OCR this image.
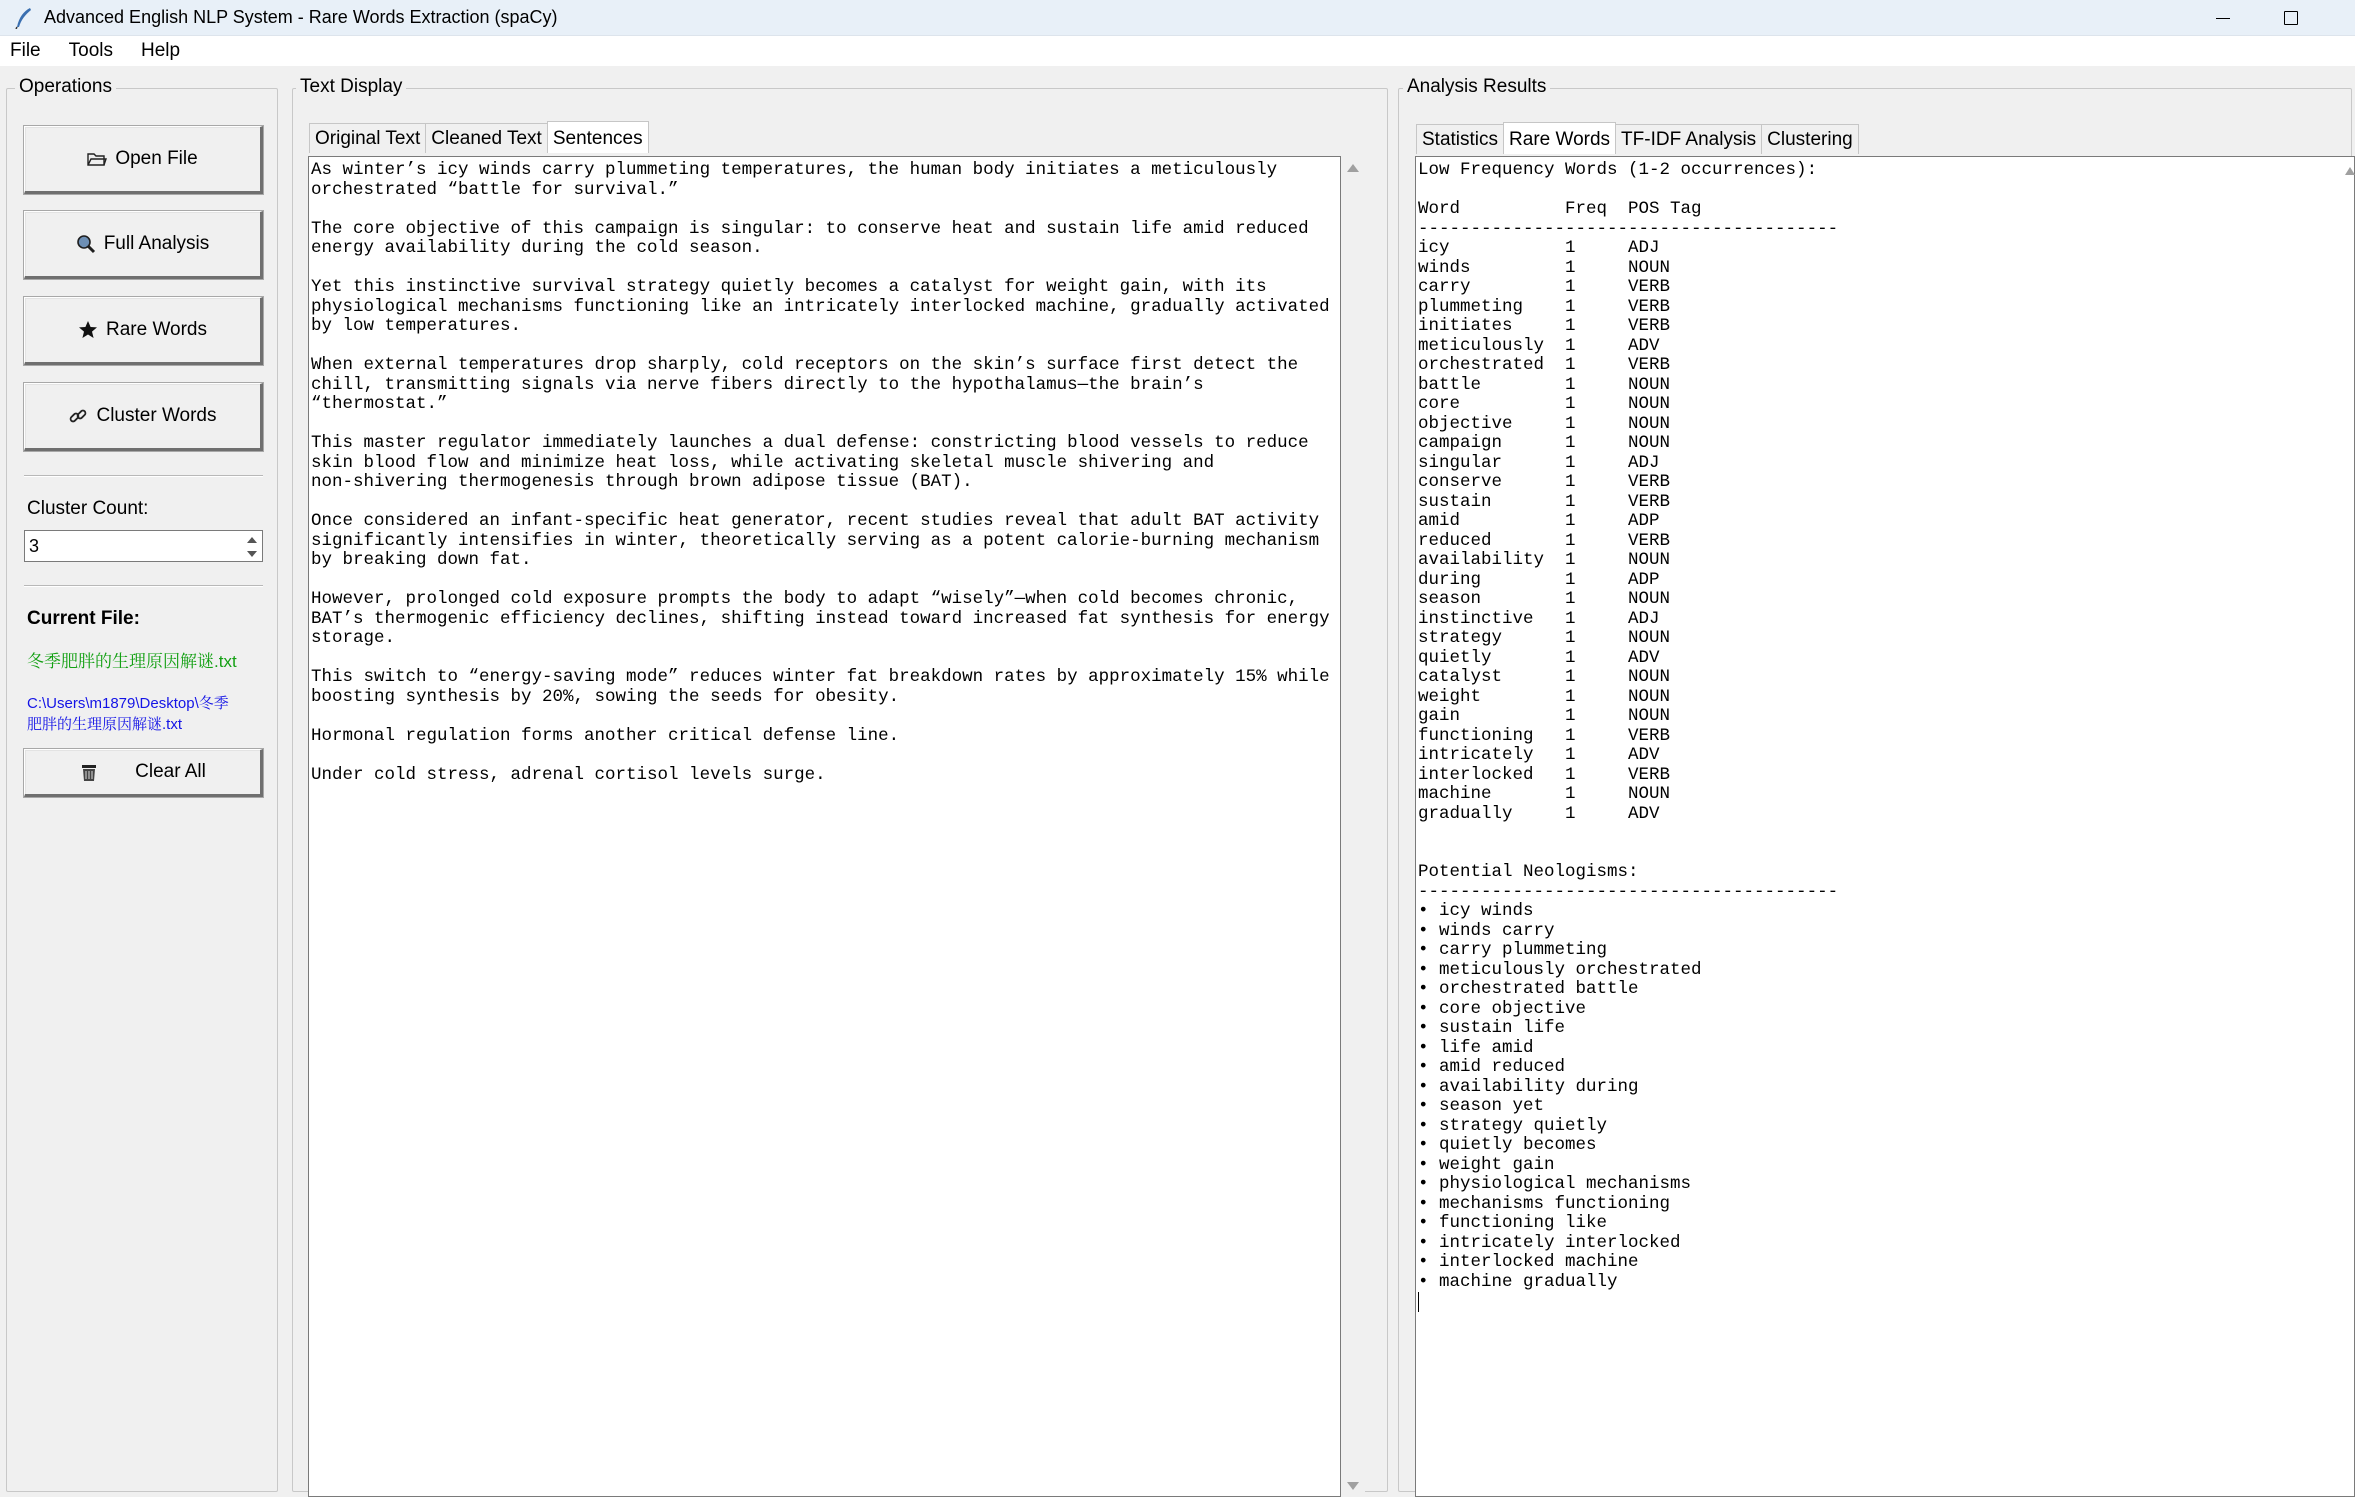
Advanced English NLP System - Rare Words Extraction (spaCy)
File	Tools	Help
Operations
Open File
Full Analysis
Rare Words
Cluster Words
Cluster Count:
3
Current File:
冬季肥胖的生理原因解谜.txt
C:\Users\m1879\Desktop\冬季
肥胖的生理原因解谜.txt
Clear All
Text Display
Original Text Cleaned Text Sentences
As winter’s icy winds carry plummeting temperatures, the human body initiates a meticulously
orchestrated “battle for survival.”
The core objective of this campaign is singular: to conserve heat and sustain life amid reduced
energy availability during the cold season.
Yet this instinctive survival strategy quietly becomes a catalyst for weight gain, with its
physiological mechanisms functioning like an intricately interlocked machine, gradually activated
by low temperatures.
When external temperatures drop sharply, cold receptors on the skin’s surface first detect the
chill, transmitting signals via nerve fibers directly to the hypothalamus—the brain’s
“thermostat.”
This master regulator immediately launches a dual defense: constricting blood vessels to reduce
skin blood flow and minimize heat loss, while activating skeletal muscle shivering and
non-shivering thermogenesis through brown adipose tissue (BAT).
Once considered an infant-specific heat generator, recent studies reveal that adult BAT activity
significantly intensifies in winter, theoretically serving as a potent calorie-burning mechanism
by breaking down fat.
However, prolonged cold exposure prompts the body to adapt “wisely”—when cold becomes chronic,
BAT’s thermogenic efficiency declines, shifting instead toward increased fat synthesis for energy
storage.
This switch to “energy-saving mode” reduces winter fat breakdown rates by approximately 15% while
boosting synthesis by 20%, sowing the seeds for obesity.
Hormonal regulation forms another critical defense line.
Under cold stress, adrenal cortisol levels surge.
Analysis Results
Statistics Rare Words TF-IDF Analysis Clustering
Low Frequency Words (1-2 occurrences):
Word	Freq POS Tag
----------------------------------------
icy	1	ADJ
winds	1	NOUN
carry	1	VERB
plummeting 1	VERB
initiates	1	VERB
meticulously 1	ADV
orchestrated 1	VERB
battle	1	NOUN
core	1	NOUN
objective	1	NOUN
campaign	1	NOUN
singular	1	ADJ
conserve	1	VERB
sustain	1	VERB
amid	1	ADP
reduced	1	VERB
availability 1	NOUN
during	1	ADP
season	1	NOUN
instinctive 1	ADJ
strategy	1	NOUN
quietly	1	ADV
catalyst	1	NOUN
weight	1	NOUN
gain	1	NOUN
functioning 1	VERB
intricately 1	ADV
interlocked 1	VERB
machine	1	NOUN
gradually	1	ADV
Potential Neologisms:
----------------------------------------
• icy winds
• winds carry
• carry plummeting
• meticulously orchestrated
• orchestrated battle
• core objective
• sustain life
• life amid
• amid reduced
• availability during
• season yet
• strategy quietly
• quietly becomes
• weight gain
• physiological mechanisms
• mechanisms functioning
• functioning like
• intricately interlocked
• interlocked machine
• machine gradually
